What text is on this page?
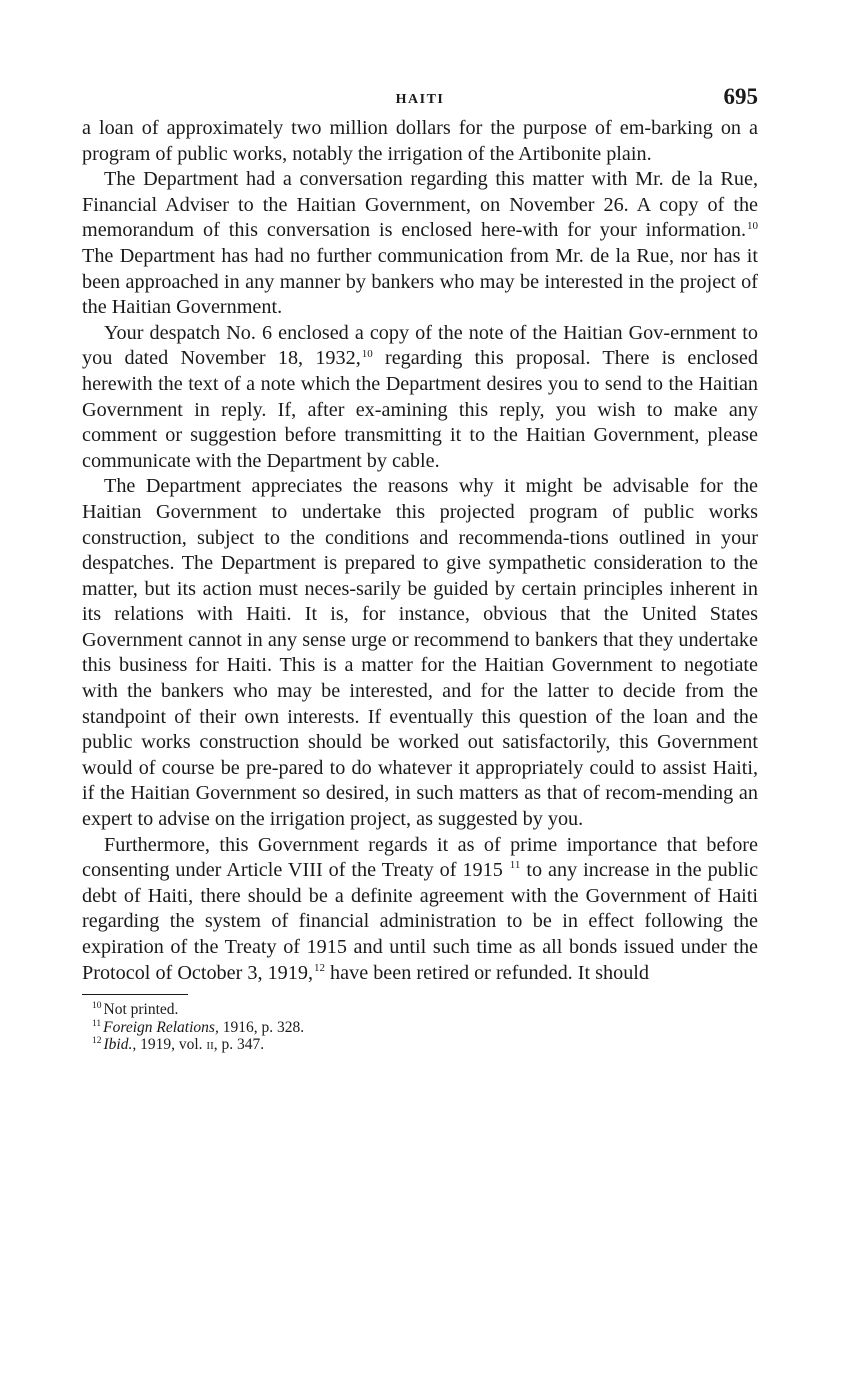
HAITI	695

a loan of approximately two million dollars for the purpose of em-barking on a program of public works, notably the irrigation of the Artibonite plain.

The Department had a conversation regarding this matter with Mr. de la Rue, Financial Adviser to the Haitian Government, on November 26. A copy of the memorandum of this conversation is enclosed here-with for your information.$^{10}$ The Department has had no further communication from Mr. de la Rue, nor has it been approached in any manner by bankers who may be interested in the project of the Haitian Government.

Your despatch No. 6 enclosed a copy of the note of the Haitian Gov-ernment to you dated November 18, 1932,10 regarding this proposal. There is enclosed herewith the text of a note which the Department desires you to send to the Haitian Government in reply. If, after ex-amining this reply, you wish to make any comment or suggestion before transmitting it to the Haitian Government, please communicate with the Department by cable.

The Department appreciates the reasons why it might be advisable for the Haitian Government to undertake this projected program of public works construction, subject to the conditions and recommenda-tions outlined in your despatches. The Department is prepared to give sympathetic consideration to the matter, but its action must neces-sarily be guided by certain principles inherent in its relations with Haiti. It is, for instance, obvious that the United States Government cannot in any sense urge or recommend to bankers that they undertake this business for Haiti. This is a matter for the Haitian Government to negotiate with the bankers who may be interested, and for the latter to decide from the standpoint of their own interests. If eventually this question of the loan and the public works construction should be worked out satisfactorily, this Government would of course be pre-pared to do whatever it appropriately could to assist Haiti, if the Haitian Government so desired, in such matters as that of recom-mending an expert to advise on the irrigation project, as suggested by you.

Furthermore, this Government regards it as of prime importance that before consenting under Article VIII of the Treaty of 1915 $^{11}$ to any increase in the public debt of Haiti, there should be a definite agreement with the Government of Haiti regarding the system of financial administration to be in effect following the expiration of the Treaty of 1915 and until such time as all bonds issued under the Protocol of October 3, 1919,12 have been retired or refunded. It should

$^{10}$ Not printed.
$^{11}$ Foreign Relations, 1916, p. 328.
$^{12}$ Ibid., 1919, vol. ii, p. 347.
